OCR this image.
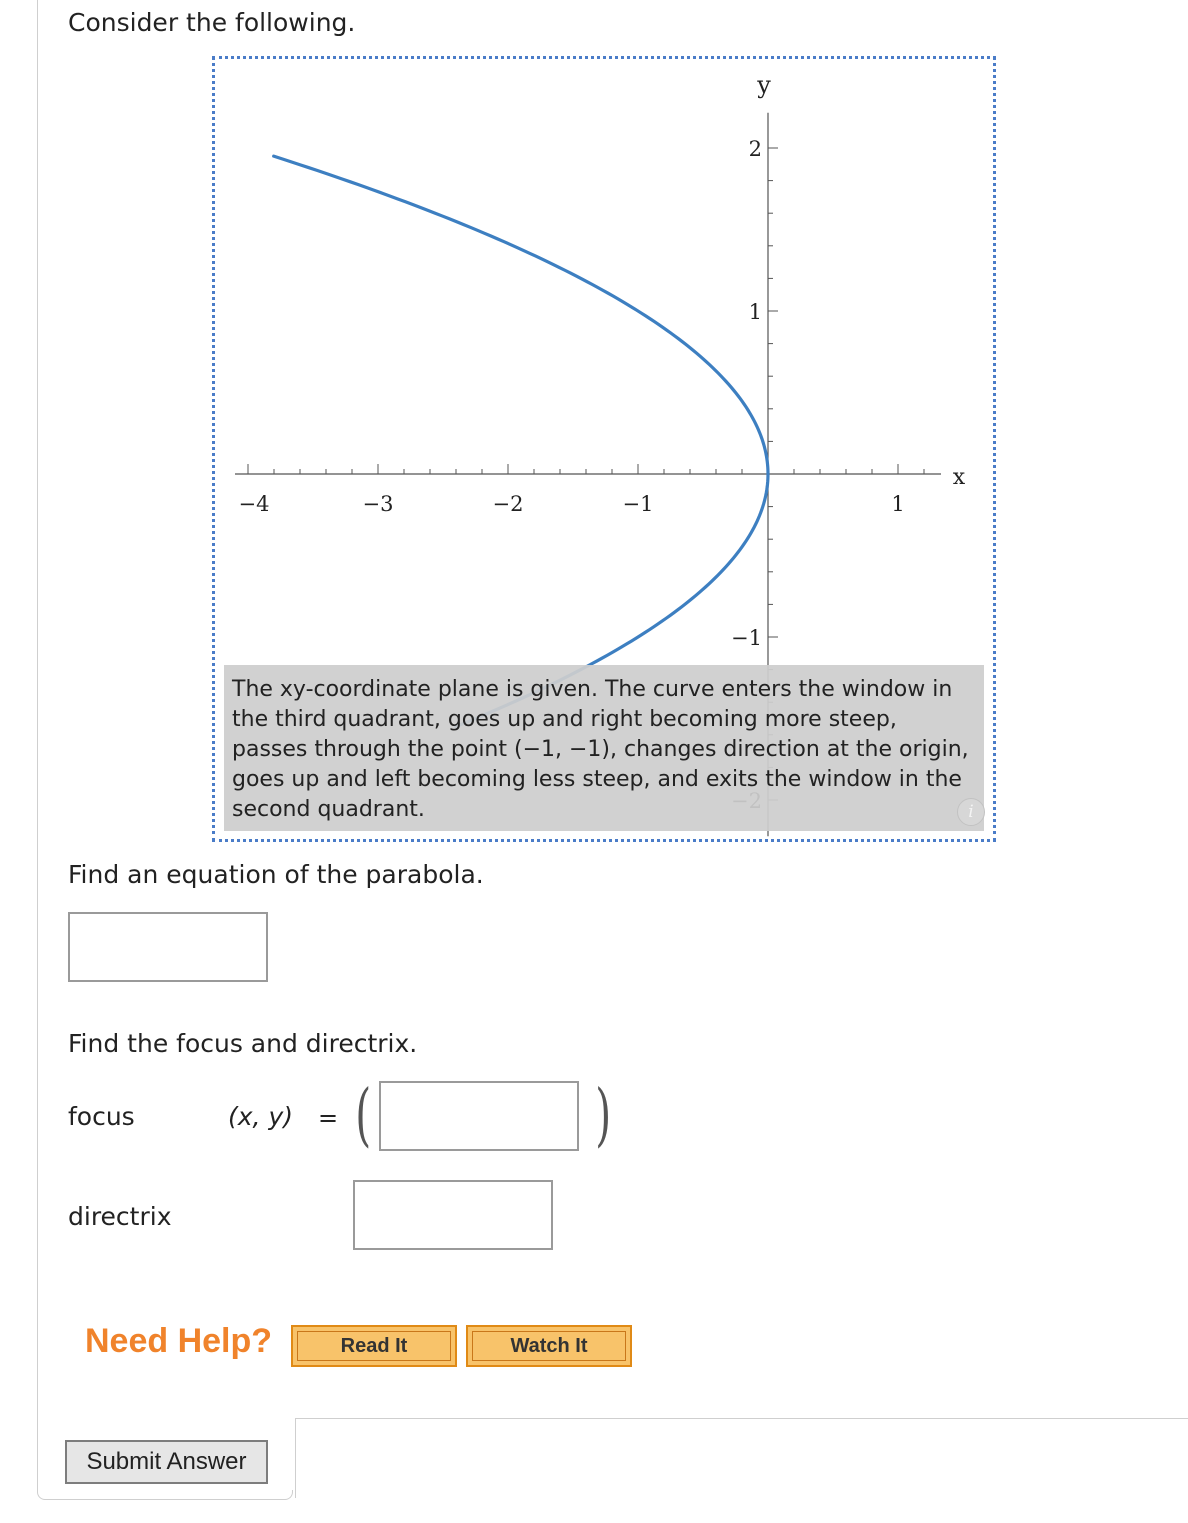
Consider the following.
−4	−3	−2	−1	1
2
1
−1
x
y
The xy-coordinate plane is given. The curve enters the window in the third quadrant, goes up and right becoming more steep, passes through the point (−1, −1), changes direction at the origin, goes up and left becoming less steep, and exits the window in the second quadrant.	i
Find an equation of the parabola.
Find the focus and directrix.
focus	(x, y) = (	)
directrix
Need Help?	Read It	Watch It
Submit Answer
